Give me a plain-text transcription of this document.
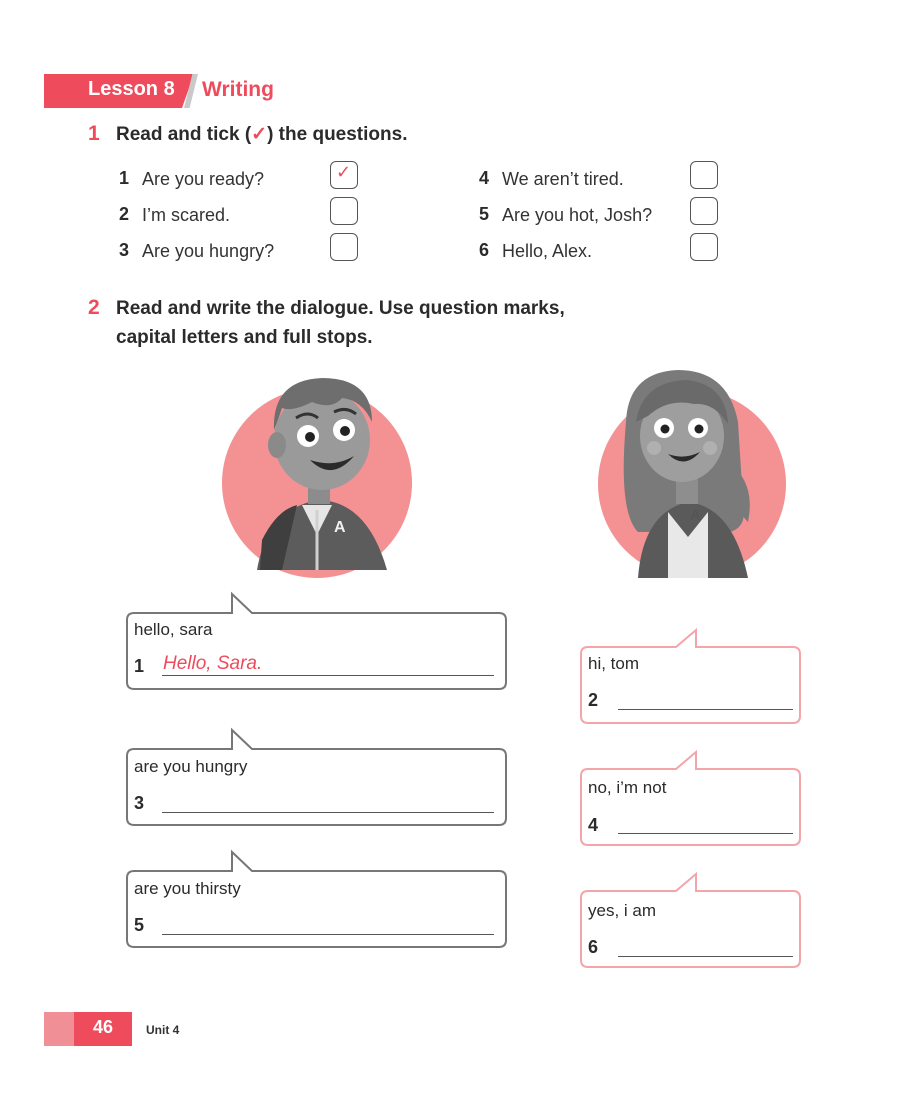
Lesson 8 Writing
1 Read and tick (✓) the questions.
1 Are you ready?	✓
2 I’m scared.
3 Are you hungry?
4 We aren’t tired.
5 Are you hot, Josh?
6 Hello, Alex.
2 Read and write the dialogue. Use question marks,
capital letters and full stops.
A
A
hello, sara
1 Hello, Sara.
are you hungry
3
are you thirsty
5
hi, tom
2
no, i’m not
4
yes, i am
6
46	Unit 4
